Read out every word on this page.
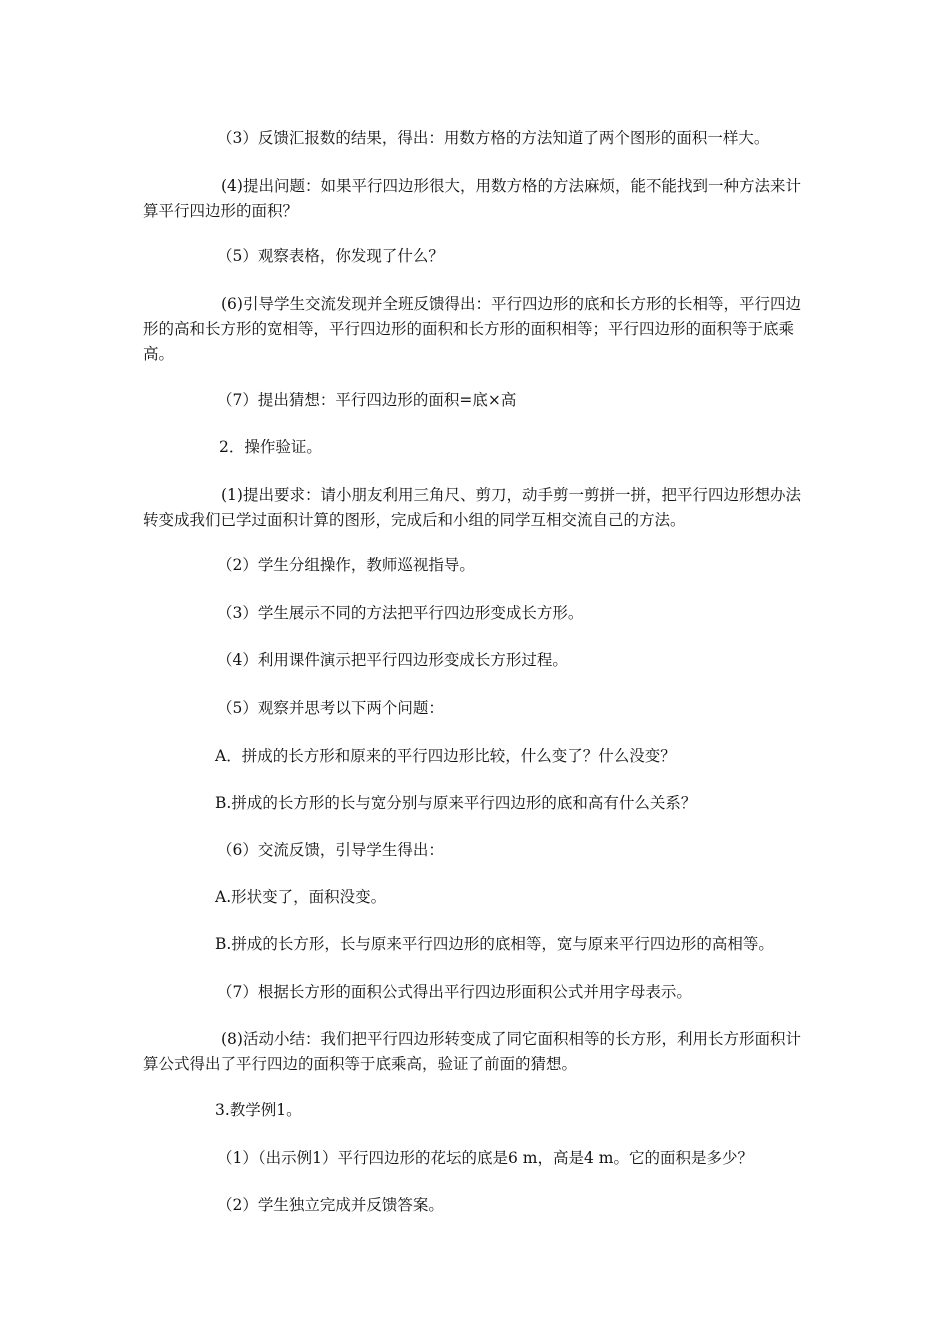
（3）反馈汇报数的结果，得出：用数方格的方法知道了两个图形的面积一样大。

(4)提出问题：如果平行四边形很大，用数方格的方法麻烦，能不能找到一种方法来计算平行四边形的面积？

（5）观察表格，你发现了什么？

(6)引导学生交流发现并全班反馈得出：平行四边形的底和长方形的长相等，平行四边形的高和长方形的宽相等，平行四边形的面积和长方形的面积相等；平行四边形的面积等于底乘高。

（7）提出猜想：平行四边形的面积=底×高

2．操作验证。

(1)提出要求：请小朋友利用三角尺、剪刀，动手剪一剪拼一拼，把平行四边形想办法转变成我们已学过面积计算的图形，完成后和小组的同学互相交流自己的方法。

（2）学生分组操作，教师巡视指导。

（3）学生展示不同的方法把平行四边形变成长方形。

（4）利用课件演示把平行四边形变成长方形过程。

（5）观察并思考以下两个问题：

A．拼成的长方形和原来的平行四边形比较，什么变了？什么没变？

B.拼成的长方形的长与宽分别与原来平行四边形的底和高有什么关系？

（6）交流反馈，引导学生得出：

A.形状变了，面积没变。

B.拼成的长方形，长与原来平行四边形的底相等，宽与原来平行四边形的高相等。

（7）根据长方形的面积公式得出平行四边形面积公式并用字母表示。

(8)活动小结：我们把平行四边形转变成了同它面积相等的长方形，利用长方形面积计算公式得出了平行四边的面积等于底乘高，验证了前面的猜想。

3.教学例1。

（1）（出示例1）平行四边形的花坛的底是6 m，高是4 m。它的面积是多少？

（2）学生独立完成并反馈答案。
